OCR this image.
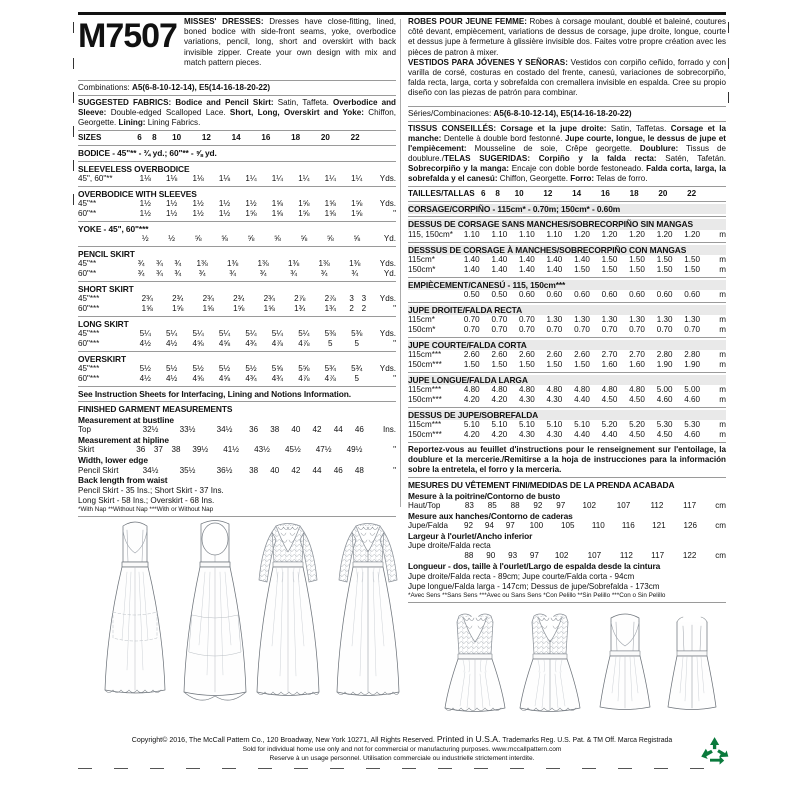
M7507 MISSES' DRESSES: Dresses have close-fitting, lined, boned bodice with side-front seams, yoke, overbodice variations, pencil, long, short and overskirt with back invisible zipper. Create your own design with mix and match pattern pieces.
Combinations: A5(6-8-10-12-14), E5(14-16-18-20-22)
SUGGESTED FABRICS: Bodice and Pencil Skirt: Satin, Taffeta. Overbodice and Sleeve: Double-edged Scalloped Lace. Short, Long, Overskirt and Yoke: Chiffon, Georgette. Lining: Lining Fabrics.
SIZES	6	8	10	12	14	16	18	20	22	
BODICE - 45"** - ¾ yd.; 60"** - ⅝ yd.
SLEEVELESS OVERBODICE
45", 60"**	1⅛	1⅛	1⅛	1⅛	1¼	1¼	1¼	1¼	1¼	Yds.
OVERBODICE WITH SLEEVES
45"**	1½	1½	1½	1½	1½	1⅝	1⅝	1⅝	1⅝	Yds.
60"**	1½	1½	1½	1½	1⅝	1⅝	1⅝	1⅝	1⅝	"
YOKE - 45", 60"***
	½	½	⅝	⅝	⅝	⅝	⅝	⅝	⅝	Yd.
PENCIL SKIRT
45"**	¾	¾	¾	1⅜	1⅜	1⅜	1⅜	1⅜	1⅜	Yds.
60"**	¾	¾	¾	¾	¾	¾	¾	¾	¾	Yd.
SHORT SKIRT
45"***	2¾	2¾	2¾	2¾	2¾	2⅞	2⅞	3	3	Yds.
60"***	1⅝	1⅝	1⅝	1⅝	1⅝	1¾	1¾	2	2	"
LONG SKIRT
45"***	5¼	5¼	5¼	5¼	5¼	5¼	5¼	5⅜	5⅜	Yds.
60"***	4½	4½	4⅝	4⅝	4¾	4⅞	4⅞	5	5	"
OVERSKIRT
45"***	5½	5½	5½	5½	5½	5⅝	5⅝	5¾	5¾	Yds.
60"***	4½	4½	4⅝	4⅝	4¾	4¾	4⅞	4⅞	5	"
See Instruction Sheets for Interfacing, Lining and Notions Information.
FINISHED GARMENT MEASUREMENTS
Measurement at bustline
Top	32½	33½	34½	36	38	40	42	44	46	Ins.
Measurement at hipline
Skirt	36	37	38	39½	41½	43½	45½	47½	49½	"
Width, lower edge
Pencil Skirt	34½	35½	36½	38	40	42	44	46	48	"
Back length from waist
Pencil Skirt - 35 Ins.; Short Skirt - 37 Ins.
Long Skirt - 58 Ins.; Overskirt - 68 Ins.
*With Nap **Without Nap ***With or Without Nap
ROBES POUR JEUNE FEMME: Robes à corsage moulant, doublé et baleiné, coutures côté devant, empiècement, variations de dessus de corsage, jupe droite, longue, courte et dessus jupe à fermeture à glissière invisible dos. Faites votre propre création avec les pièces de patron à mixer.
VESTIDOS PARA JÓVENES Y SEÑORAS: Vestidos con corpiño ceñido, forrado y con varilla de corsé, costuras en costado del frente, canesú, variaciones de sobrecorpiño, falda recta, larga, corta y sobrefalda con cremallera invisible en espalda. Cree su propio diseño con las piezas de patrón para combinar.
Séries/Combinaciones: A5(6-8-10-12-14), E5(14-16-18-20-22)
TISSUS CONSEILLÉS: Corsage et la jupe droite: Satin, Taffetas. Corsage et la manche: Dentelle à double bord festonné. Jupe courte, longue, le dessus de jupe et l'empiècement: Mousseline de soie, Crêpe georgette. Doublure: Tissus de doublure./TELAS SUGERIDAS: Corpiño y la falda recta: Satén, Tafetán. Sobrecorpiño y la manga: Encaje con doble borde festoneado. Falda corta, larga, la sobrefalda y el canesú: Chiffon, Georgette. Forro: Telas de forro.
TAILLES/TALLAS	6	8	10	12	14	16	18	20	22	
CORSAGE/CORPIÑO - 115cm* - 0.70m; 150cm* - 0.60m
DESSUS DE CORSAGE SANS MANCHES/SOBRECORPIÑO SIN MANGAS
115, 150cm*	1.10	1.10	1.10	1.10	1.20	1.20	1.20	1.20	1.20	m
DESSSUS DE CORSAGE À MANCHES/SOBRECORPIÑO CON MANGAS
115cm*	1.40	1.40	1.40	1.40	1.40	1.50	1.50	1.50	1.50	m
150cm*	1.40	1.40	1.40	1.40	1.50	1.50	1.50	1.50	1.50	m
EMPIÈCEMENT/CANESÚ - 115, 150cm***
	0.50	0.50	0.60	0.60	0.60	0.60	0.60	0.60	0.60	m
JUPE DROITE/FALDA RECTA
115cm*	0.70	0.70	0.70	1.30	1.30	1.30	1.30	1.30	1.30	m
150cm*	0.70	0.70	0.70	0.70	0.70	0.70	0.70	0.70	0.70	m
JUPE COURTE/FALDA CORTA
115cm***	2.60	2.60	2.60	2.60	2.60	2.70	2.70	2.80	2.80	m
150cm***	1.50	1.50	1.50	1.50	1.50	1.60	1.60	1.90	1.90	m
JUPE LONGUE/FALDA LARGA
115cm***	4.80	4.80	4.80	4.80	4.80	4.80	4.80	5.00	5.00	m
150cm***	4.20	4.20	4.30	4.30	4.40	4.50	4.50	4.60	4.60	m
DESSUS DE JUPE/SOBREFALDA
115cm***	5.10	5.10	5.10	5.10	5.10	5.20	5.20	5.30	5.30	m
150cm***	4.20	4.20	4.30	4.30	4.40	4.40	4.50	4.50	4.60	m
Reportez-vous au feuillet d'instructions pour le renseignement sur l'entoilage, la doublure et la mercerie./Remitirse a la hoja de instrucciones para la información sobre la entretela, el forro y la merceria.
MESURES DU VÊTEMENT FINI/MEDIDAS DE LA PRENDA ACABADA
Mesure à la poitrine/Contorno de busto
Haut/Top	83	85	88	92	97	102	107	112	117	cm
Mesure aux hanches/Contorno de caderas
Jupe/Falda	92	94	97	100	105	110	116	121	126	cm
Largeur à l'ourlet/Ancho inferior
Jupe droite/Falda recta
	88	90	93	97	102	107	112	117	122	cm
Longueur - dos, taille à l'ourlet/Largo de espalda desde la cintura
Jupe droite/Falda recta - 89cm; Jupe courte/Falda corta - 94cm
Jupe longue/Falda larga - 147cm; Dessus de jupe/Sobrefalda - 173cm
*Avec Sens **Sans Sens ***Avec ou Sans Sens *Con Pelillo **Sin Pelillo ***Con o Sin Pelillo
Copyright© 2016, The McCall Pattern Co., 120 Broadway, New York 10271, All Rights Reserved. Printed in U.S.A. Trademarks Reg. U.S. Pat. & TM Off. Marca Registrada
Sold for individual home use only and not for commercial or manufacturing purposes. www.mccallpattern.com
Reserve à un usage personnel. Utilisation commerciale ou industrielle strictement interdite.
